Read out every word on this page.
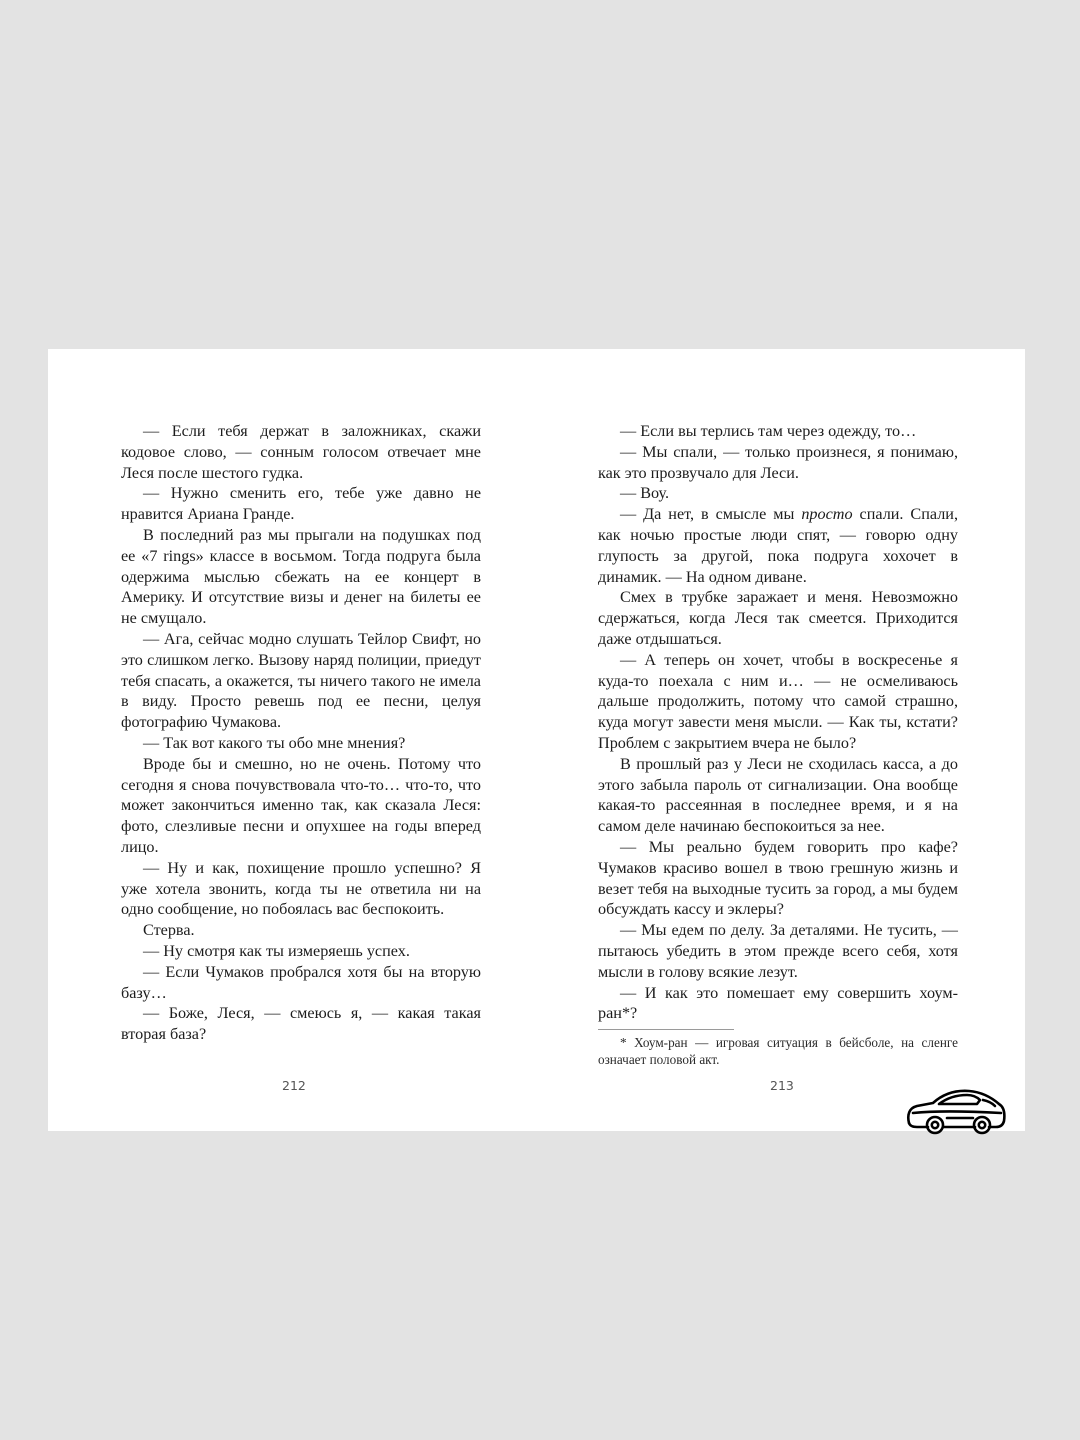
— Если тебя держат в заложниках, скажи кодовое слово, — сонным голосом отвечает мне Леся после шестого гудка.

— Нужно сменить его, тебе уже давно не нравится Ариана Гранде.

В последний раз мы прыгали на подушках под ее «7 rings» классе в восьмом. Тогда подруга была одержима мыслью сбежать на ее концерт в Америку. И отсутствие визы и денег на билеты ее не смущало.

— Ага, сейчас модно слушать Тейлор Свифт, но это слишком легко. Вызову наряд полиции, приедут тебя спасать, а окажется, ты ничего такого не имела в виду. Просто ревешь под ее песни, целуя фотографию Чумакова.

— Так вот какого ты обо мне мнения?

Вроде бы и смешно, но не очень. Потому что сегодня я снова почувствовала что-то… что-то, что может закончиться именно так, как сказала Леся: фото, слезливые песни и опухшее на годы вперед лицо.

— Ну и как, похищение прошло успешно? Я уже хотела звонить, когда ты не ответила ни на одно сообщение, но побоялась вас беспокоить.

Стерва.

— Ну смотря как ты измеряешь успех.

— Если Чумаков пробрался хотя бы на вторую базу…

— Боже, Леся, — смеюсь я, — какая такая вторая база?

— Если вы терлись там через одежду, то…

— Мы спали, — только произнеся, я понимаю, как это прозвучало для Леси.

— Воу.

— Да нет, в смысле мы просто спали. Спали, как ночью простые люди спят, — говорю одну глупость за другой, пока подруга хохочет в динамик. — На одном диване.

Смех в трубке заражает и меня. Невозможно сдержаться, когда Леся так смеется. Приходится даже отдышаться.

— А теперь он хочет, чтобы в воскресенье я куда-то поехала с ним и… — не осмеливаюсь дальше продолжить, потому что самой страшно, куда могут завести меня мысли. — Как ты, кстати? Проблем с закрытием вчера не было?

В прошлый раз у Леси не сходилась касса, а до этого забыла пароль от сигнализации. Она вообще какая-то рассеянная в последнее время, и я на самом деле начинаю беспокоиться за нее.

— Мы реально будем говорить про кафе? Чумаков красиво вошел в твою грешную жизнь и везет тебя на выходные тусить за город, а мы будем обсуждать кассу и эклеры?

— Мы едем по делу. За деталями. Не тусить, — пытаюсь убедить в этом прежде всего себя, хотя мысли в голову всякие лезут.

— И как это помешает ему совершить хоум-ран*?

* Хоум-ран — игровая ситуация в бейсболе, на сленге означает половой акт.

212	213
